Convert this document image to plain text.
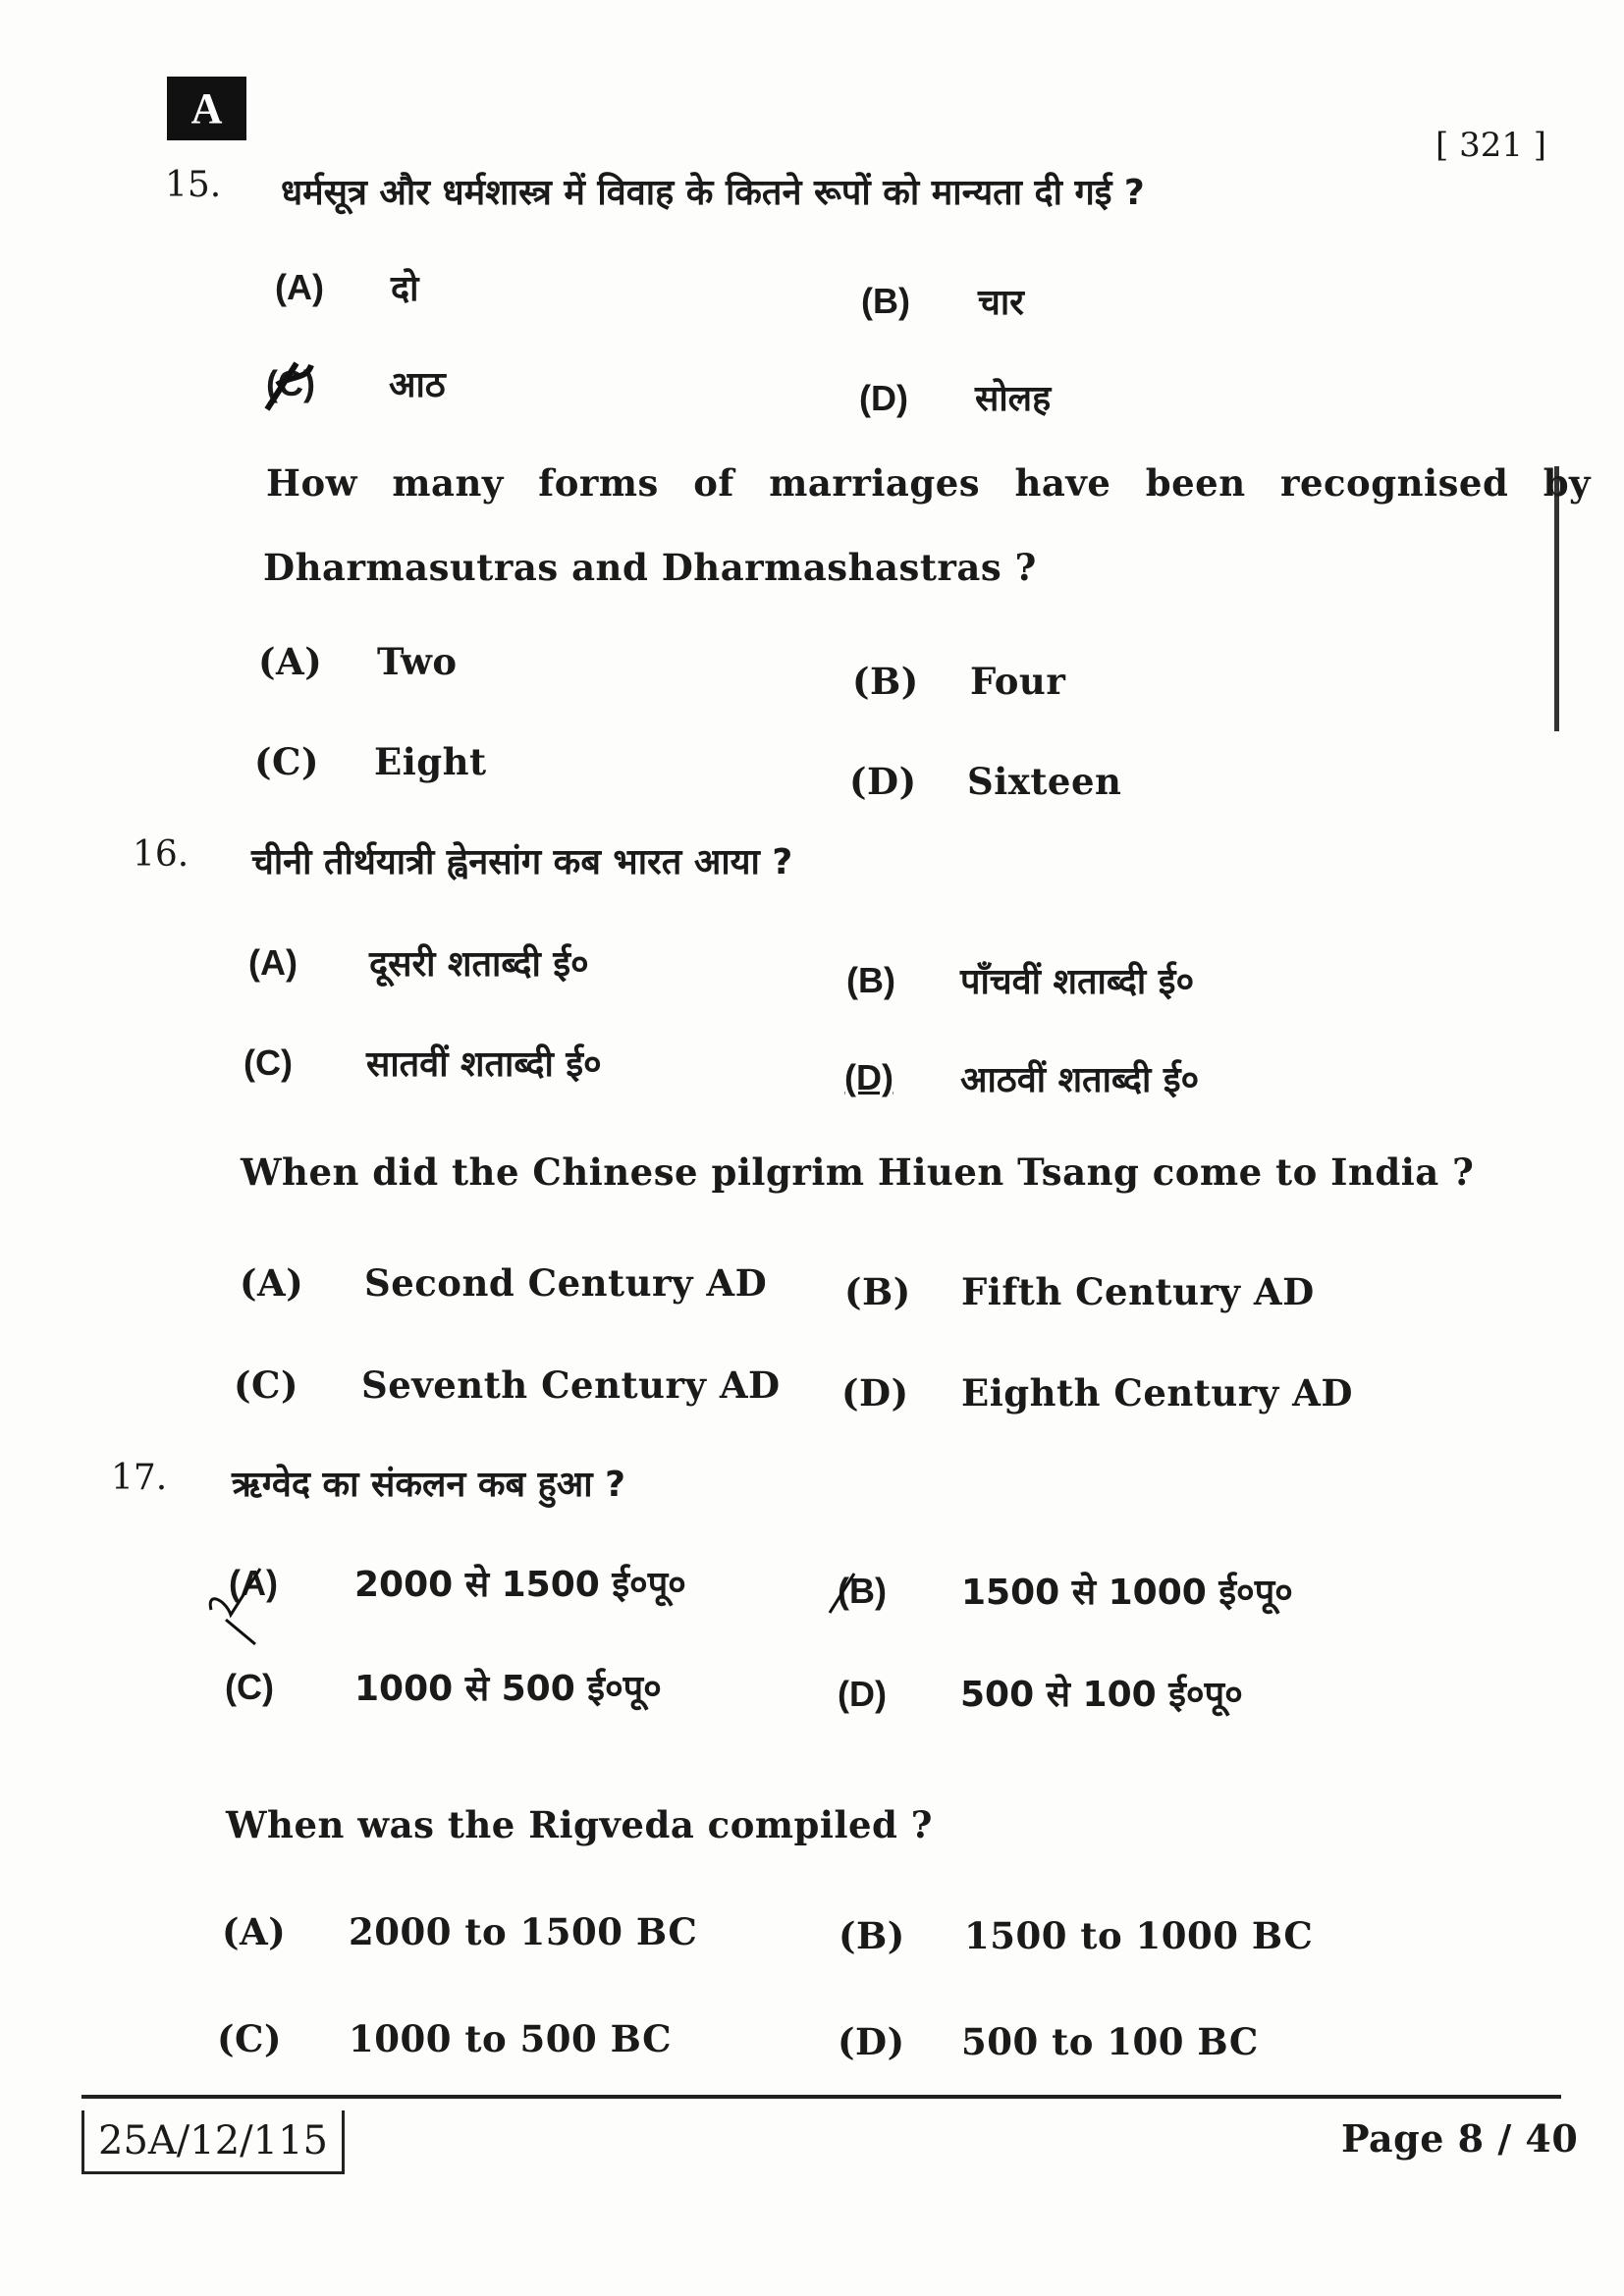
A
[ 321 ]
15. धर्मसूत्र और धर्मशास्त्र में विवाह के कितने रूपों को मान्यता दी गई ?
(A) दो	(B) चार
(C) आठ	(D) सोलह
How many forms of marriages have been recognised by
Dharmasutras and Dharmashastras ?
(A) Two	(B) Four
(C) Eight	(D) Sixteen
16. चीनी तीर्थयात्री ह्वेनसांग कब भारत आया ?
(A) दूसरी शताब्दी ई०	(B) पाँचवीं शताब्दी ई०
(C) सातवीं शताब्दी ई०	(D) आठवीं शताब्दी ई०
When did the Chinese pilgrim Hiuen Tsang come to India ?
(A) Second Century AD (B) Fifth Century AD
(C) Seventh Century AD (D) Eighth Century AD
17. ऋग्वेद का संकलन कब हुआ ?
(A) 2000 से 1500 ई०पू०	(B) 1500 से 1000 ई०पू०
(C) 1000 से 500 ई०पू०	(D) 500 से 100 ई०पू०
When was the Rigveda compiled ?
(A) 2000 to 1500 BC	(B) 1500 to 1000 BC
(C) 1000 to 500 BC	(D) 500 to 100 BC
25A/12/115	Page 8 / 40
